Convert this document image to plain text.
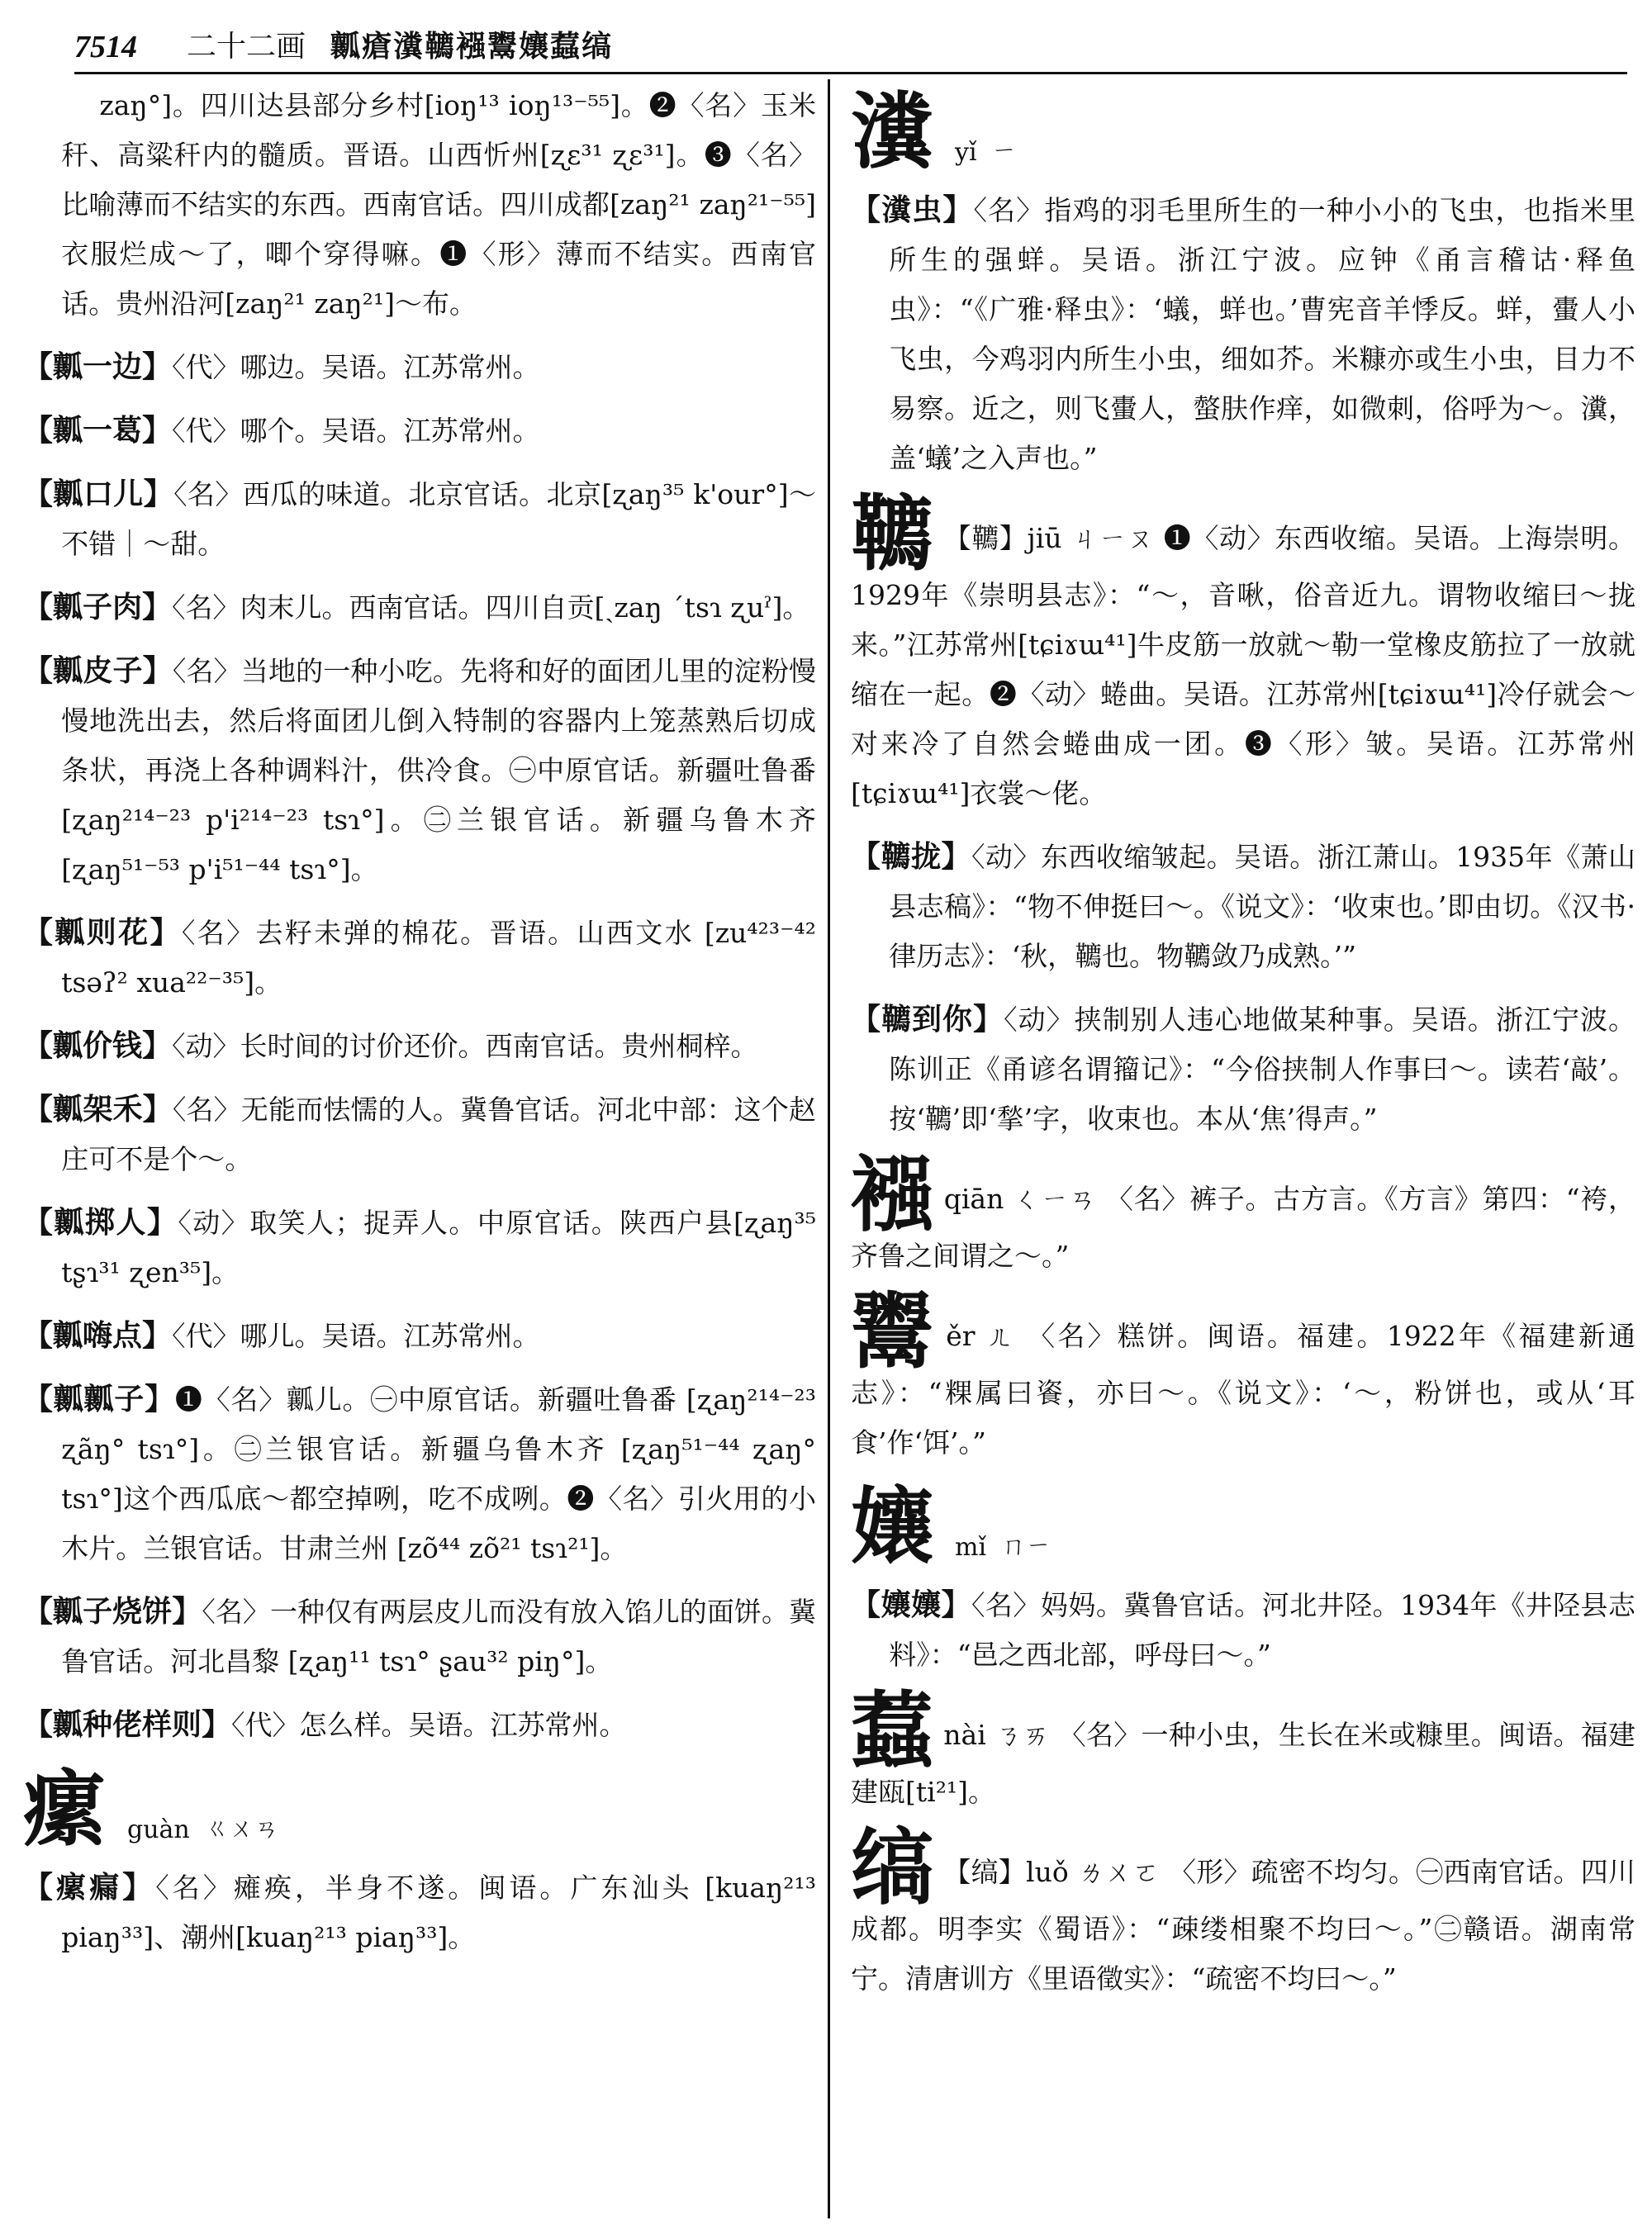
7514 二十二画 瓤瘡瀵韀襁鬻孃蠚缟

zaŋ°]。四川达县部分乡村[ioŋ¹³ ioŋ¹³⁻⁵⁵]。❷〈名〉玉米秆、高粱秆内的髓质。晋语。山西忻州[ʐɛ³¹ ʐɛ³¹]。❸〈名〉比喻薄而不结实的东西。西南官话。四川成都[zaŋ²¹ zaŋ²¹⁻⁵⁵]衣服烂成～了，唧个穿得嘛。❶〈形〉薄而不结实。西南官话。贵州沿河[zaŋ²¹ zaŋ²¹]～布。

【瓤一边】〈代〉哪边。吴语。江苏常州。

【瓤一葛】〈代〉哪个。吴语。江苏常州。

【瓤口儿】〈名〉西瓜的味道。北京官话。北京[ʐaŋ³⁵ k'our°]～不错｜～甜。

【瓤子肉】〈名〉肉末儿。西南官话。四川自贡[ˏzaŋ ˊtsɿ ʐuˀ]。

【瓤皮子】〈名〉当地的一种小吃。先将和好的面团儿里的淀粉慢慢地洗出去，然后将面团儿倒入特制的容器内上笼蒸熟后切成条状，再浇上各种调料汁，供冷食。㊀中原官话。新疆吐鲁番 [ʐaŋ²¹⁴⁻²³ p'i²¹⁴⁻²³ tsɿ°]。㊁兰银官话。新疆乌鲁木齐 [ʐaŋ⁵¹⁻⁵³ p'i⁵¹⁻⁴⁴ tsɿ°]。

【瓤则花】〈名〉去籽未弹的棉花。晋语。山西文水 [zu⁴²³⁻⁴² tsəʔ² xua²²⁻³⁵]。

【瓤价钱】〈动〉长时间的讨价还价。西南官话。贵州桐梓。

【瓤架禾】〈名〉无能而怯懦的人。冀鲁官话。河北中部：这个赵庄可不是个～。

【瓤掷人】〈动〉取笑人；捉弄人。中原官话。陕西户县[ʐaŋ³⁵ tʂɿ³¹ ʐen³⁵]。

【瓤嗨点】〈代〉哪儿。吴语。江苏常州。

【瓤瓤子】❶〈名〉瓤儿。㊀中原官话。新疆吐鲁番 [ʐaŋ²¹⁴⁻²³ ʐãŋ° tsɿ°]。㊁兰银官话。新疆乌鲁木齐 [ʐaŋ⁵¹⁻⁴⁴ ʐaŋ° tsɿ°]这个西瓜底～都空掉咧，吃不成咧。❷〈名〉引火用的小木片。兰银官话。甘肃兰州 [zõ⁴⁴ zõ²¹ tsɿ²¹]。

【瓤子烧饼】〈名〉一种仅有两层皮儿而没有放入馅儿的面饼。冀鲁官话。河北昌黎 [ʐaŋ¹¹ tsɿ° ʂau³² piŋ°]。

【瓤种佬样则】〈代〉怎么样。吴语。江苏常州。

瘰 guàn ㄍㄨㄢ

【瘰瘺】〈名〉瘫痪，半身不遂。闽语。广东汕头 [kuaŋ²¹³ piaŋ³³]、潮州[kuaŋ²¹³ piaŋ³³]。

瀵 yǐ ㄧ

【瀵虫】〈名〉指鸡的羽毛里所生的一种小小的飞虫，也指米里所生的强蛘。吴语。浙江宁波。应钟《甬言稽诂·释鱼虫》：“《广雅·释虫》：‘蟻，蛘也。’曹宪音羊悸反。蛘，蟗人小飞虫，今鸡羽内所生小虫，细如芥。米糠亦或生小虫，目力不易察。近之，则飞蟗人，螫肤作痒，如微刺，俗呼为～。瀵，盖‘蟻’之入声也。”

韀 【韀】jiū ㄐㄧㄡ ❶〈动〉东西收缩。吴语。上海崇明。1929年《崇明县志》：“～，音啾，俗音近九。谓物收缩曰～拢来。”江苏常州[tɕiɤɯ⁴¹]牛皮筋一放就～勒一堂橡皮筋拉了一放就缩在一起。❷〈动〉蜷曲。吴语。江苏常州[tɕiɤɯ⁴¹]冷仔就会～对来冷了自然会蜷曲成一团。❸〈形〉皱。吴语。江苏常州[tɕiɤɯ⁴¹]衣裳～佬。

【韀拢】〈动〉东西收缩皱起。吴语。浙江萧山。1935年《萧山县志稿》：“物不伸挺曰～。《说文》：‘收束也。’即由切。《汉书·律历志》：‘秋，韀也。物韀敛乃成熟。’”

【韀到你】〈动〉挟制别人违心地做某种事。吴语。浙江宁波。陈训正《甬谚名谓籀记》：“今俗挟制人作事曰～。读若‘敲’。按‘韀’即‘揫’字，收束也。本从‘焦’得声。”

襁qiān ㄑㄧㄢ 〈名〉裤子。古方言。《方言》第四：“袴，齐鲁之间谓之～。”

鬻ěr ㄦ 〈名〉糕饼。闽语。福建。1922年《福建新通志》：“粿属曰餈，亦曰～。《说文》：‘～，粉饼也，或从‘耳食’作‘饵’。”

孃 mǐ ㄇㄧ

【孃孃】〈名〉妈妈。冀鲁官话。河北井陉。1934年《井陉县志料》：“邑之西北部，呼母曰～。”

蠚nài ㄋㄞ 〈名〉一种小虫，生长在米或糠里。闽语。福建建瓯[ti²¹]。

缟 【缟】luǒ ㄌㄨㄛ 〈形〉疏密不均匀。㊀西南官话。四川成都。明李实《蜀语》：“疎缕相聚不均曰～。”㊁赣语。湖南常宁。清唐训方《里语徵实》：“疏密不均曰～。”
